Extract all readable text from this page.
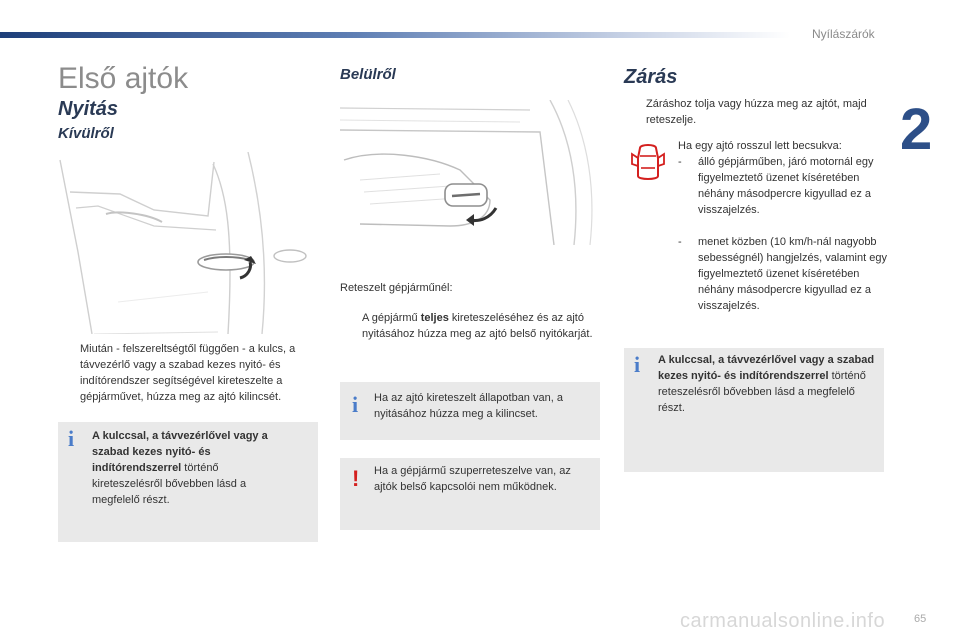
Nyílászárók
2
Első ajtók
Nyitás
Kívülről
Miután - felszereltségtől függően - a kulcs, a távvezérlő vagy a szabad kezes nyitó- és indítórendszer segítségével kireteszelte a gépjárművet, húzza meg az ajtó kilincsét.
i A kulccsal, a távvezérlővel vagy a szabad kezes nyitó- és indítórendszerrel történő kireteszelésről bővebben lásd a megfelelő részt.
Belülről
Reteszelt gépjárműnél:
A gépjármű teljes kireteszeléséhez és az ajtó nyitásához húzza meg az ajtó belső nyitókarját.
i Ha az ajtó kireteszelt állapotban van, a nyitásához húzza meg a kilincset.
! Ha a gépjármű szuperreteszelve van, az ajtók belső kapcsolói nem működnek.
Zárás
Záráshoz tolja vagy húzza meg az ajtót, majd reteszelje.
Ha egy ajtó rosszul lett becsukva:
- álló gépjárműben, járó motornál egy figyelmeztető üzenet kíséretében néhány másodpercre kigyullad ez a visszajelzés.
- menet közben (10 km/h-nál nagyobb sebességnél) hangjelzés, valamint egy figyelmeztető üzenet kíséretében néhány másodpercre kigyullad ez a visszajelzés.
i A kulccsal, a távvezérlővel vagy a szabad kezes nyitó- és indítórendszerrel történő reteszelésről bővebben lásd a megfelelő részt.
carmanualsonline.info	65
